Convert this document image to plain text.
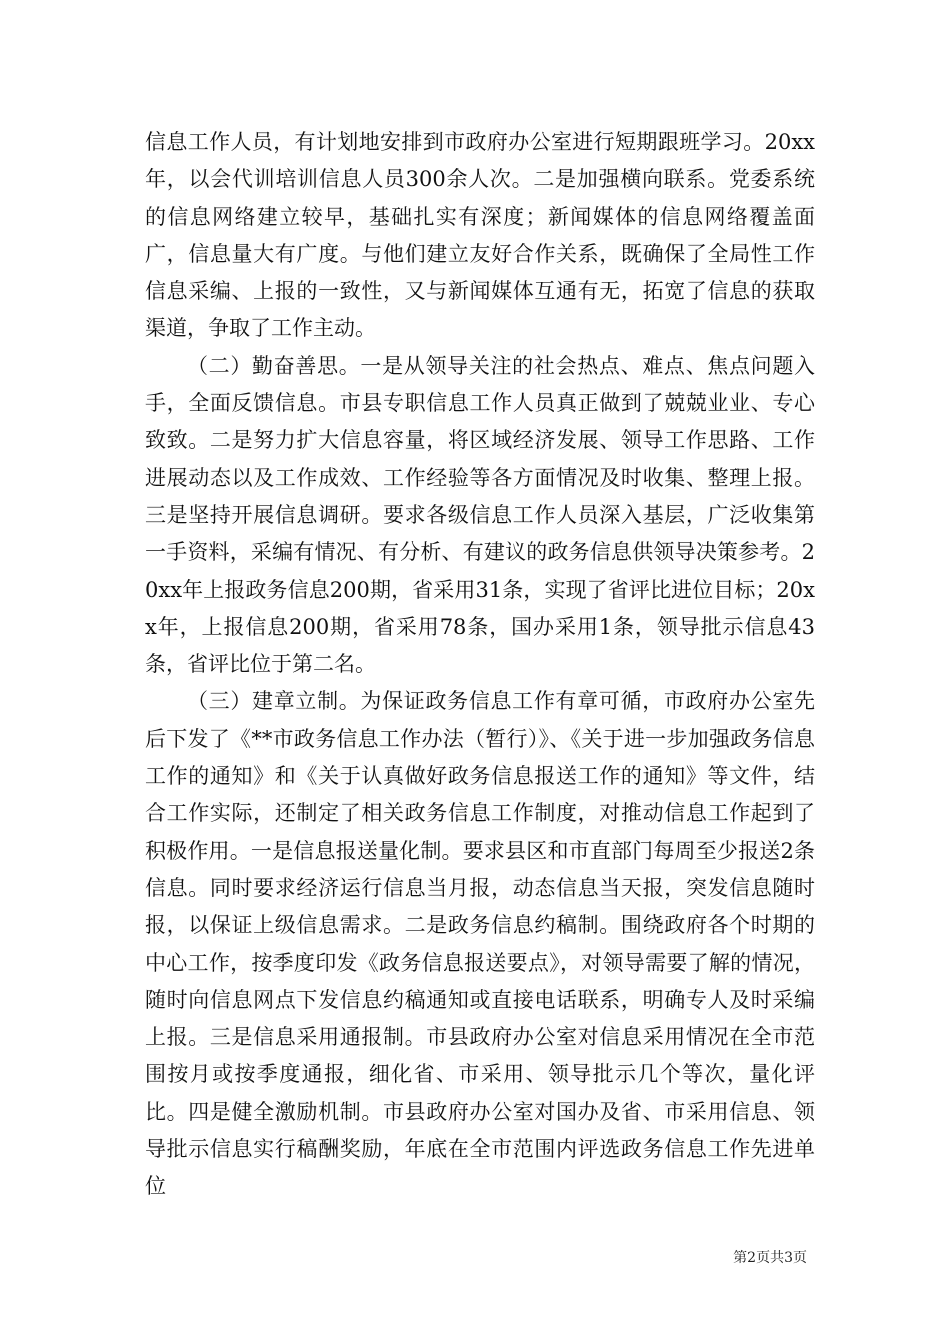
信息工作人员，有计划地安排到市政府办公室进行短期跟班学习。20xx年，以会代训培训信息人员300余人次。二是加强横向联系。党委系统的信息网络建立较早，基础扎实有深度；新闻媒体的信息网络覆盖面广，信息量大有广度。与他们建立友好合作关系，既确保了全局性工作信息采编、上报的一致性，又与新闻媒体互通有无，拓宽了信息的获取渠道，争取了工作主动。

（二）勤奋善思。一是从领导关注的社会热点、难点、焦点问题入手，全面反馈信息。市县专职信息工作人员真正做到了兢兢业业、专心致致。二是努力扩大信息容量，将区域经济发展、领导工作思路、工作进展动态以及工作成效、工作经验等各方面情况及时收集、整理上报。三是坚持开展信息调研。要求各级信息工作人员深入基层，广泛收集第一手资料，采编有情况、有分析、有建议的政务信息供领导决策参考。20xx年上报政务信息200期，省采用31条，实现了省评比进位目标；20xx年，上报信息200期，省采用78条，国办采用1条，领导批示信息43条，省评比位于第二名。

（三）建章立制。为保证政务信息工作有章可循，市政府办公室先后下发了《**市政务信息工作办法（暂行）》、《关于进一步加强政务信息工作的通知》和《关于认真做好政务信息报送工作的通知》等文件，结合工作实际，还制定了相关政务信息工作制度，对推动信息工作起到了积极作用。一是信息报送量化制。要求县区和市直部门每周至少报送2条信息。同时要求经济运行信息当月报，动态信息当天报，突发信息随时报，以保证上级信息需求。二是政务信息约稿制。围绕政府各个时期的中心工作，按季度印发《政务信息报送要点》，对领导需要了解的情况，随时向信息网点下发信息约稿通知或直接电话联系，明确专人及时采编上报。三是信息采用通报制。市县政府办公室对信息采用情况在全市范围按月或按季度通报，细化省、市采用、领导批示几个等次，量化评比。四是健全激励机制。市县政府办公室对国办及省、市采用信息、领导批示信息实行稿酬奖励，年底在全市范围内评选政务信息工作先进单位

第2页共3页
